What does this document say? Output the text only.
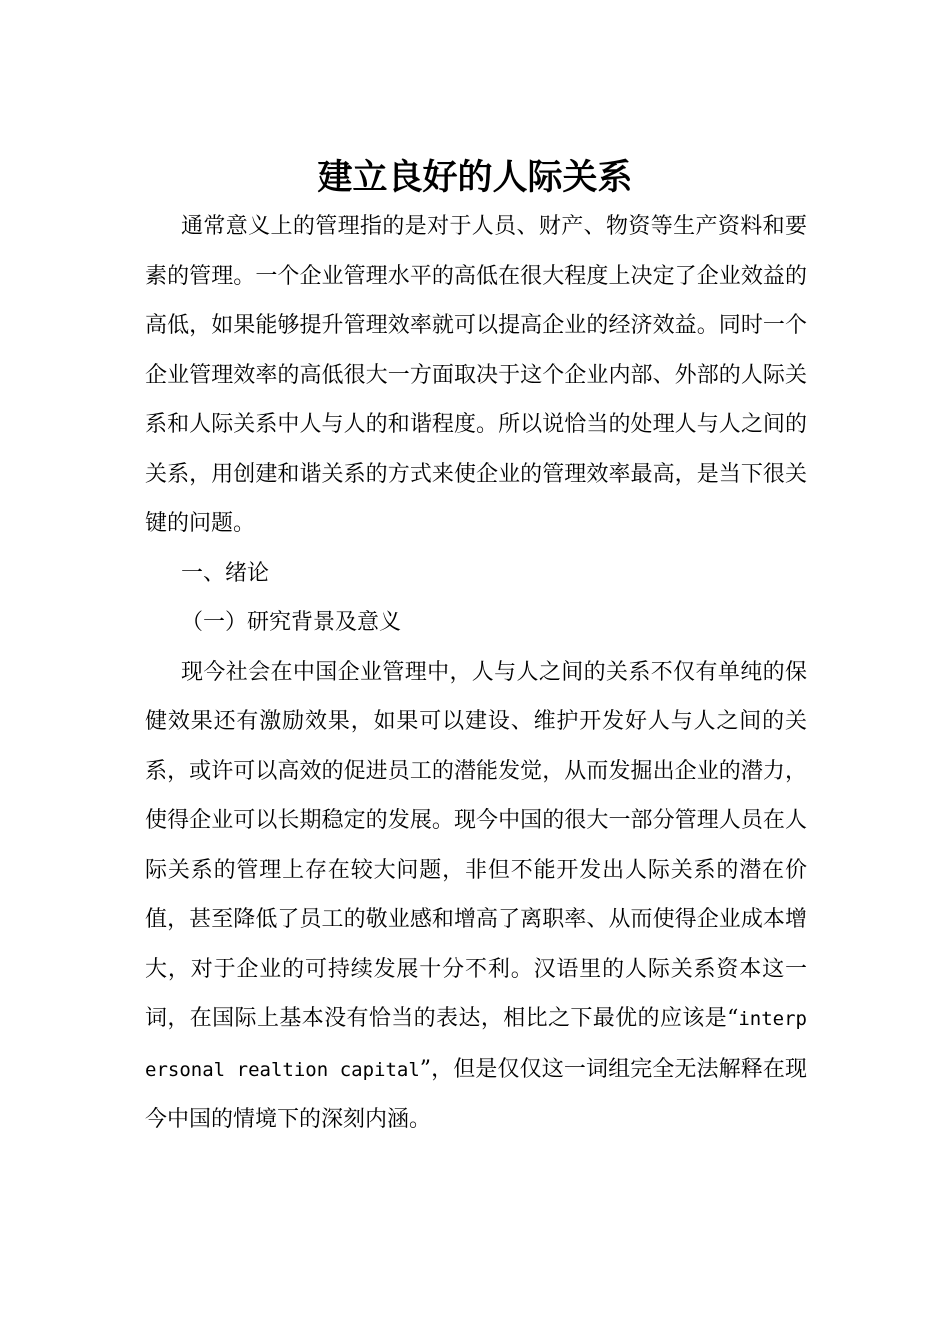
建立良好的人际关系

通常意义上的管理指的是对于人员、财产、物资等生产资料和要素的管理。一个企业管理水平的高低在很大程度上决定了企业效益的高低，如果能够提升管理效率就可以提高企业的经济效益。同时一个企业管理效率的高低很大一方面取决于这个企业内部、外部的人际关系和人际关系中人与人的和谐程度。所以说恰当的处理人与人之间的关系，用创建和谐关系的方式来使企业的管理效率最高，是当下很关键的问题。

一、绪论

（一）研究背景及意义

现今社会在中国企业管理中，人与人之间的关系不仅有单纯的保健效果还有激励效果，如果可以建设、维护开发好人与人之间的关系，或许可以高效的促进员工的潜能发觉，从而发掘出企业的潜力，使得企业可以长期稳定的发展。现今中国的很大一部分管理人员在人际关系的管理上存在较大问题，非但不能开发出人际关系的潜在价值，甚至降低了员工的敬业感和增高了离职率、从而使得企业成本增大，对于企业的可持续发展十分不利。汉语里的人际关系资本这一词，在国际上基本没有恰当的表达，相比之下最优的应该是“interpersonal realtion capital”，但是仅仅这一词组完全无法解释在现今中国的情境下的深刻内涵。
